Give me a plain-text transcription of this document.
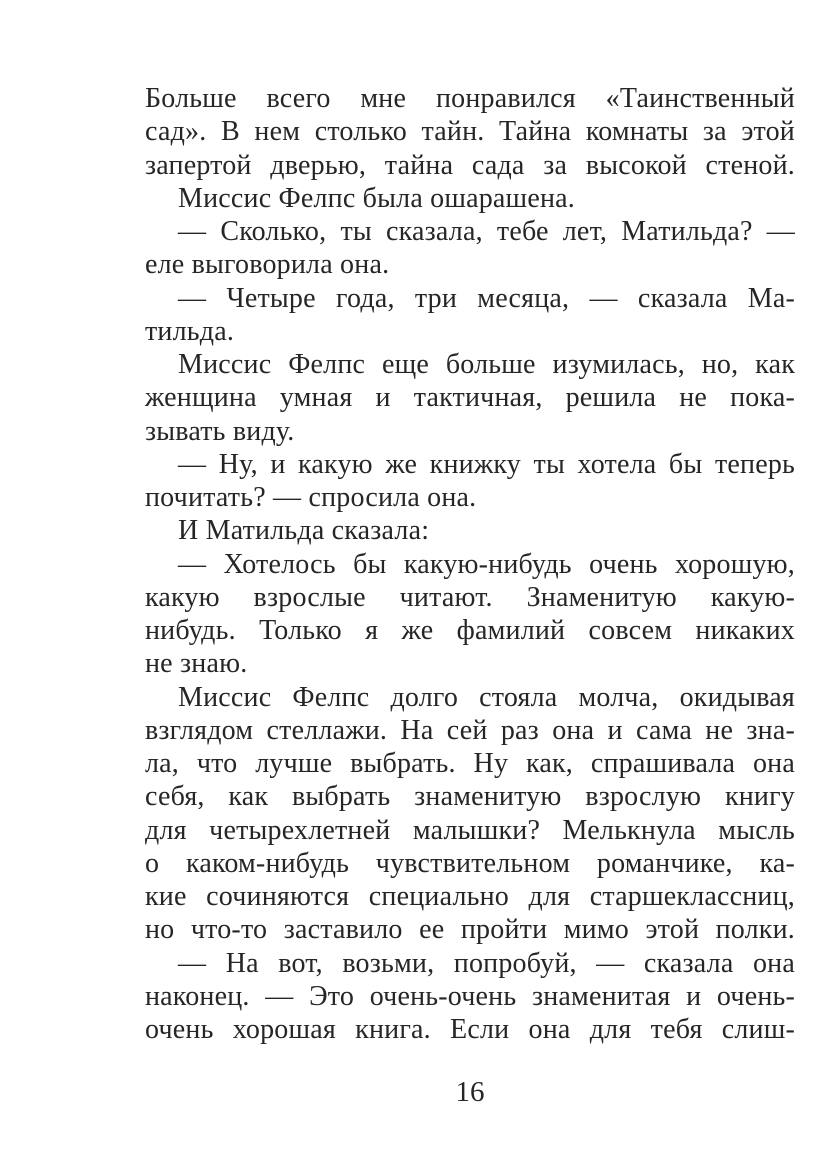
Больше всего мне понравился «Таинственный
сад». В нем столько тайн. Тайна комнаты за этой
запертой дверью, тайна сада за высокой стеной.

Миссис Фелпс была ошарашена.

— Сколько, ты сказала, тебе лет, Матильда? —
еле выговорила она.

— Четыре года, три месяца, — сказала Ма-
тильда.

Миссис Фелпс еще больше изумилась, но, как
женщина умная и тактичная, решила не пока-
зывать виду.

— Ну, и какую же книжку ты хотела бы теперь
почитать? — спросила она.

И Матильда сказала:

— Хотелось бы какую-нибудь очень хорошую,
какую взрослые читают. Знаменитую какую-
нибудь. Только я же фамилий совсем никаких
не знаю.

Миссис Фелпс долго стояла молча, окидывая
взглядом стеллажи. На сей раз она и сама не зна-
ла, что лучше выбрать. Ну как, спрашивала она
себя, как выбрать знаменитую взрослую книгу
для четырехлетней малышки? Мелькнула мысль
о каком-нибудь чувствительном романчике, ка-
кие сочиняются специально для старшеклассниц,
но что-то заставило ее пройти мимо этой полки.

— На вот, возьми, попробуй, — сказала она
наконец. — Это очень-очень знаменитая и очень-
очень хорошая книга. Если она для тебя слиш-

16
